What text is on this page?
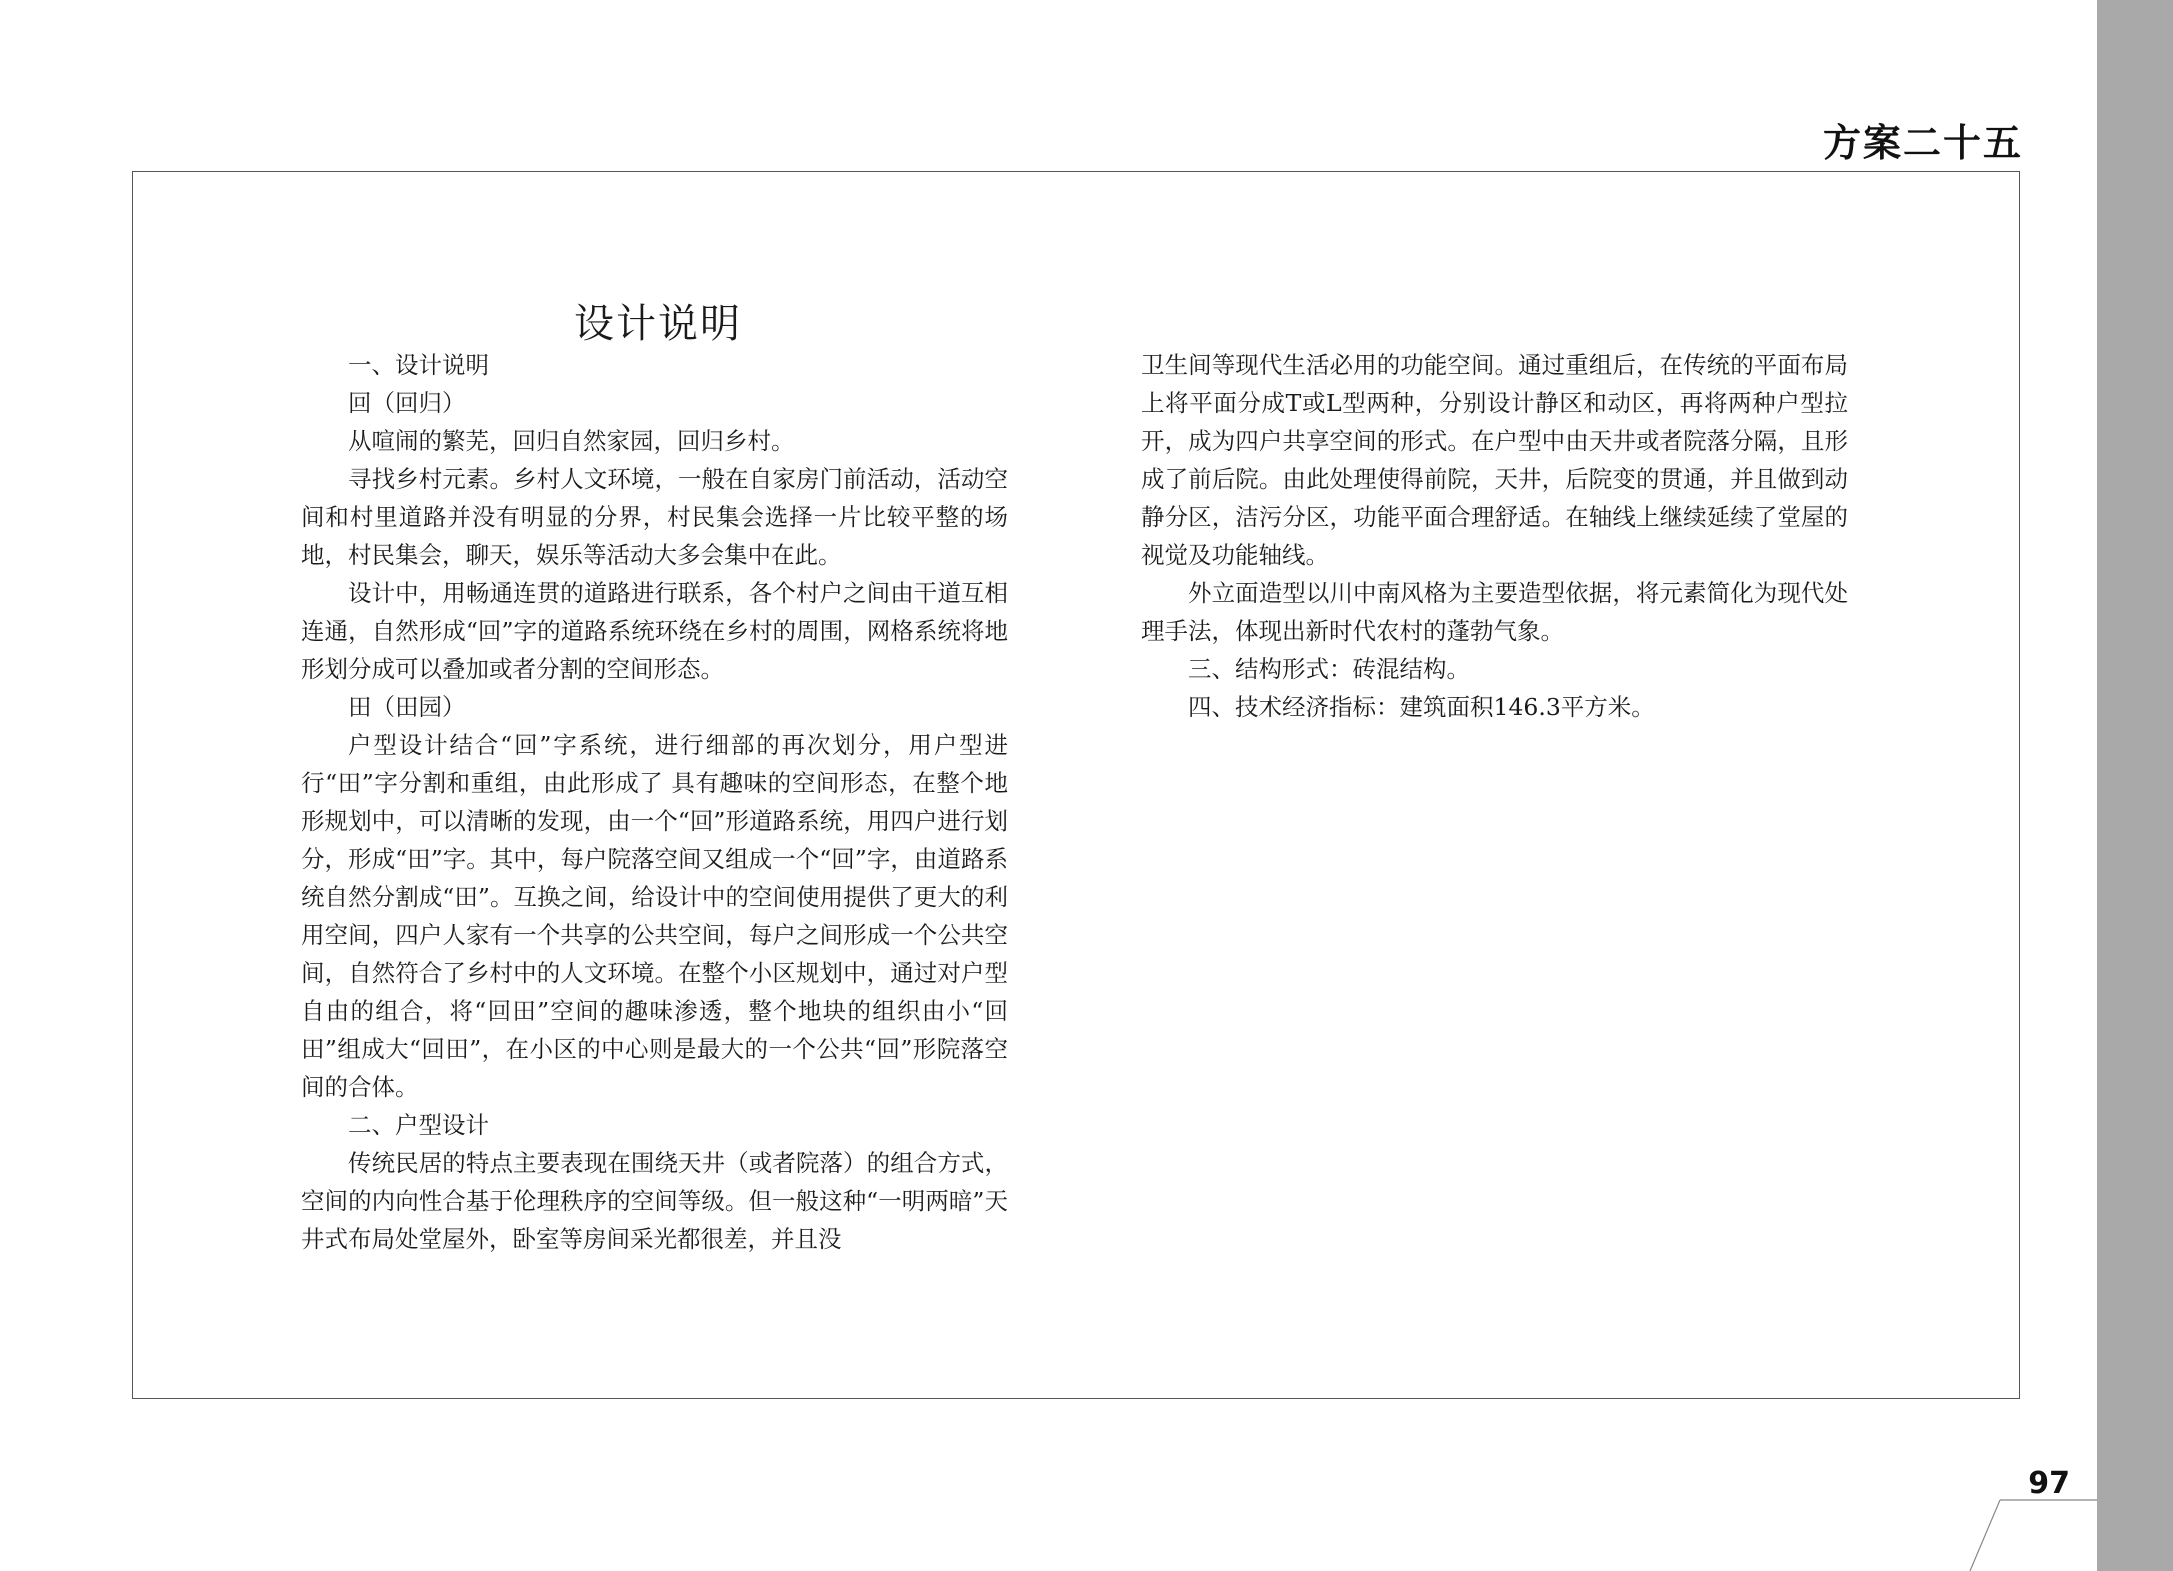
方案二十五
设计说明

一、设计说明

回（回归）

从喧闹的繁芜，回归自然家园，回归乡村。

寻找乡村元素。乡村人文环境，一般在自家房门前活动，活动空间和村里道路并没有明显的分界，村民集会选择一片比较平整的场地，村民集会，聊天，娱乐等活动大多会集中在此。

设计中，用畅通连贯的道路进行联系，各个村户之间由干道互相连通，自然形成“回”字的道路系统环绕在乡村的周围，网格系统将地形划分成可以叠加或者分割的空间形态。

田（田园）

户型设计结合“回”字系统，进行细部的再次划分，用户型进行“田”字分割和重组，由此形成了 具有趣味的空间形态，在整个地形规划中，可以清晰的发现，由一个“回”形道路系统，用四户进行划分，形成“田”字。其中，每户院落空间又组成一个“回”字，由道路系统自然分割成“田”。互换之间，给设计中的空间使用提供了更大的利用空间，四户人家有一个共享的公共空间，每户之间形成一个公共空间，自然符合了乡村中的人文环境。在整个小区规划中，通过对户型自由的组合，将“回田”空间的趣味渗透，整个地块的组织由小“回田”组成大“回田”，在小区的中心则是最大的一个公共“回”形院落空间的合体。

二、户型设计

传统民居的特点主要表现在围绕天井（或者院落）的组合方式，空间的内向性合基于伦理秩序的空间等级。但一般这种“一明两暗”天井式布局处堂屋外，卧室等房间采光都很差，并且没

卫生间等现代生活必用的功能空间。通过重组后，在传统的平面布局上将平面分成T或L型两种，分别设计静区和动区，再将两种户型拉开，成为四户共享空间的形式。在户型中由天井或者院落分隔，且形成了前后院。由此处理使得前院，天井，后院变的贯通，并且做到动静分区，洁污分区，功能平面合理舒适。在轴线上继续延续了堂屋的视觉及功能轴线。

外立面造型以川中南风格为主要造型依据，将元素简化为现代处理手法，体现出新时代农村的蓬勃气象。

三、结构形式：砖混结构。

四、技术经济指标：建筑面积146.3平方米。

97
